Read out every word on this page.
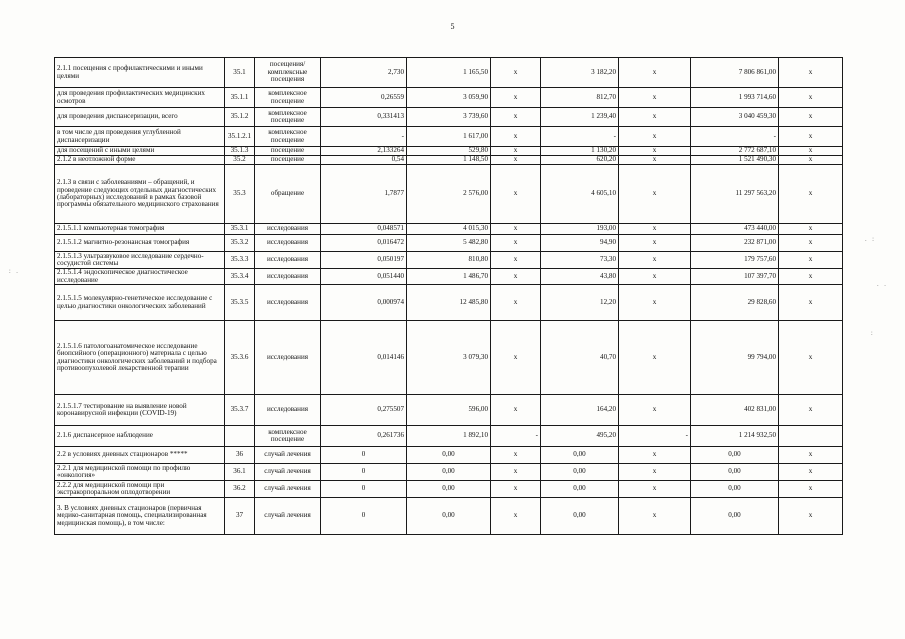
5
2.1.1 посещения с профилактическими и иными целями	35.1	посещения/комплексные посещения	2,730	1 165,50	х	3 182,20	х	7 806 861,00	х
для проведения профилактических медицинских осмотров	35.1.1	комплексное посещение	0,26559	3 059,90	х	812,70	х	1 993 714,60	х
для проведения диспансеризации, всего	35.1.2	комплексное посещение	0,331413	3 739,60	х	1 239,40	х	3 040 459,30	х
в том числе для проведения углубленной диспансеризации	35.1.2.1	комплексное посещение	-	1 617,00	х	-	х	-	х
для посещений с иными целями	35.1.3	посещение	2,133264	529,80	х	1 130,20	х	2 772 687,10	х
2.1.2 в неотложной форме	35.2	посещение	0,54	1 148,50	х	620,20	х	1 521 490,30	х
2.1.3 в связи с заболеваниями – обращений, и проведение следующих отдельных диагностических (лабораторных) исследований в рамках базовой программы обязательного медицинского страхования	35.3	обращение	1,7877	2 576,00	х	4 605,10	х	11 297 563,20	х
2.1.5.1.1 компьютерная томография	35.3.1	исследования	0,048571	4 015,30	х	193,00	х	473 440,00	х
2.1.5.1.2 магнитно-резонансная томография	35.3.2	исследования	0,016472	5 482,80	х	94,90	х	232 871,00	х
2.1.5.1.3 ультразвуковое исследование сердечно-сосудистой системы	35.3.3	исследования	0,050197	810,80	х	73,30	х	179 757,60	х
2.1.5.1.4 эндоскопическое диагностическое исследование	35.3.4	исследования	0,051440	1 486,70	х	43,80	х	107 397,70	х
2.1.5.1.5 молекулярно-генетическое исследование с целью диагностики онкологических заболеваний	35.3.5	исследования	0,000974	12 485,80	х	12,20	х	29 828,60	х
2.1.5.1.6 патологоанатомическое исследование биопсийного (операционного) материала с целью диагностики онкологических заболеваний и подбора противоопухолевой лекарственной терапии	35.3.6	исследования	0,014146	3 079,30	х	40,70	х	99 794,00	х
2.1.5.1.7 тестирование на выявление новой коронавирусной инфекции (COVID-19)	35.3.7	исследования	0,275507	596,00	х	164,20	х	402 831,00	х
2.1.6 диспансерное наблюдение		комплексное посещение	0,261736	1 892,10	-	495,20	-	1 214 932,50	
2.2 в условиях дневных стационаров *****	36	случай лечения	0	0,00	х	0,00	х	0,00	х
2.2.1 для медицинской помощи по профилю «онкология»	36.1	случай лечения	0	0,00	х	0,00	х	0,00	х
2.2.2 для медицинской помощи при экстракорпоральном оплодотворении	36.2	случай лечения	0	0,00	х	0,00	х	0,00	х
3. В условиях дневных стационаров (первичная медико-санитарная помощь, специализированная медицинская помощь), в том числе:	37	случай лечения	0	0,00	х	0,00	х	0,00	х
. :
. .
:
: .
